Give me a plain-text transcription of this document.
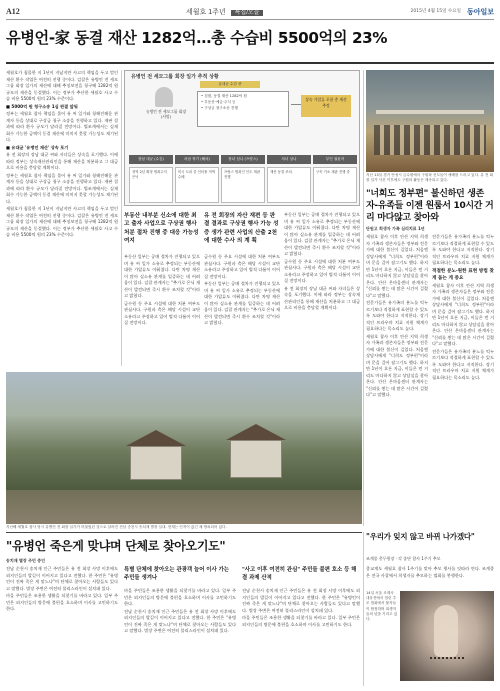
A12	세월호 1주년 특집/오늘	2015년 4월 15일 수요일 동아일보
유병언-家 동결 재산 1282억…총 수습비 5500억의 23%

세월호가 침몰한 지 1년이 지났지만 사고의 책임을 두고 벌인 재산 환수 작업은 여전히 진행 중이다. 검찰은 유병언 전 세모그룹 회장 일가의 재산에 대해 추징보전을 청구해 1282억 원 규모의 재산을 동결했다. 이는 정부가 추산한 세월호 사고 수습 비용 5500억 원의 23% 수준이다.

■ 5000억 원 청구소송 1심 판결 앞둬

정부는 세월호 참사 책임을 물어 유 씨 일가와 청해진해운 관계자 등을 상대로 구상금 청구 소송을 진행하고 있다. 재판 결과에 따라 환수 규모가 달라질 전망이다. 법조계에서는 실제 회수 가능한 금액이 동결 재산에 미치지 못할 가능성도 제기된다.

■ 유대균 '유병언 재산' 상속 포기

유 전 회장의 장남 대균 씨와 자녀들은 상속을 포기했다. 이에 따라 정부는 상속재산관리인을 통해 재산을 처분하고 그 대금으로 비용을 충당할 계획이다.

정부는 세월호 참사 책임을 물어 유 씨 일가와 청해진해운 관계자 등을 상대로 구상금 청구 소송을 진행하고 있다. 재판 결과에 따라 환수 규모가 달라질 전망이다. 법조계에서는 실제 회수 가능한 금액이 동결 재산에 미치지 못할 가능성도 제기된다.

세월호가 침몰한 지 1년이 지났지만 사고의 책임을 두고 벌인 재산 환수 작업은 여전히 진행 중이다. 검찰은 유병언 전 세모그룹 회장 일가의 재산에 대해 추징보전을 청구해 1282억 원 규모의 재산을 동결했다. 이는 정부가 추산한 세월호 사고 수습 비용 5500억 원의 23% 수준이다.

유병언 전 세모그룹 회장 일가 추적 상황
유병언 전 세모그룹 회장 (사망)
유대균 수감 중
• 검찰, 동결 재산 1282억 원
• 부동산·예금·주식 등
• 구상금 청구소송 진행
상속 가압류 포함 총 재산 추정
장남 대균 (수감)	차남 혁기 (해외)	장녀 섬나 (프랑스)	차녀 상나	부인 권윤자
징역 2년 확정 범죄수익 은닉
미국 도피 중 인터폴 적색수배
프랑스 범죄인 인도 재판 진행
재산 동결 조치	구속 기소 재판 진행 중
부동산 내부분 신소에 대한 최고 출자 사업으로 구상권 행사 처분 절차 진행 중 대응 가능성 여지
유 전 회장의 자산 재편 등 판결 결과로 구상권 행사 가능 성 증 생가 관련 사업의 산출 2천 에 대한 수사 의 계 획

부동산 일부는 공매 절차가 진행되고 있으며 유 씨 일가 소유로 추정되는 부동산에 대한 가압류도 이뤄졌다. 다만 차명 재산이 많아 실소유 관계를 입증하는 데 어려움이 있다. 검찰 관계자는 "추가로 은닉 재산이 발견되면 즉시 환수 조치할 것"이라고 밝혔다.

금수원 등 주요 시설에 대한 처분 여부도 관심사다. 구원파 측은 해당 시설이 교단 소유라고 주장하고 있어 법적 다툼이 이어질 전망이다.

금수원 등 주요 시설에 대한 처분 여부도 관심사다. 구원파 측은 해당 시설이 교단 소유라고 주장하고 있어 법적 다툼이 이어질 전망이다.

부동산 일부는 공매 절차가 진행되고 있으며 유 씨 일가 소유로 추정되는 부동산에 대한 가압류도 이뤄졌다. 다만 차명 재산이 많아 실소유 관계를 입증하는 데 어려움이 있다. 검찰 관계자는 "추가로 은닉 재산이 발견되면 즉시 환수 조치할 것"이라고 밝혔다.

부동산 일부는 공매 절차가 진행되고 있으며 유 씨 일가 소유로 추정되는 부동산에 대한 가압류도 이뤄졌다. 다만 차명 재산이 많아 실소유 관계를 입증하는 데 어려움이 있다. 검찰 관계자는 "추가로 은닉 재산이 발견되면 즉시 환수 조치할 것"이라고 밝혔다.

금수원 등 주요 시설에 대한 처분 여부도 관심사다. 구원파 측은 해당 시설이 교단 소유라고 주장하고 있어 법적 다툼이 이어질 전망이다.

유 전 회장의 장남 대균 씨와 자녀들은 상속을 포기했다. 이에 따라 정부는 상속재산관리인을 통해 재산을 처분하고 그 대금으로 비용을 충당할 계획이다.

지난 13일 경기 안성시 금수원에서 구원파 신도들이 예배를 드리고 있다. 유 전 회장 일가 사건 이후에도 구원파 활동은 계속되고 있다.
"너희도 정부편" 불신하던 생존자-유족들 이젠 원룸서 10시간 거리 마다않고 찾아와
단원고 희생자 가족 심리치료 1년

세월호 참사 이후 안산 지역 희생자 가족과 생존자들은 정부와 전문가에 대한 불신이 깊었다. 처음엔 상담사에게 "너희도 정부편"이라며 문을 걸어 잠그기도 했다. 하지만 1년이 흐른 지금, 이들은 먼 거리도 마다하지 않고 상담실을 찾아온다. 안산 온마음센터 관계자는 "신뢰를 쌓는 데 많은 시간이 걸렸다"고 말했다.

전문가들은 유가족의 분노를 억누르기보다 적절하게 표현할 수 있도록 도와야 한다고 지적한다. 장기적인 트라우마 치료 지원 체계가 필요하다는 목소리도 높다.

세월호 참사 이후 안산 지역 희생자 가족과 생존자들은 정부와 전문가에 대한 불신이 깊었다. 처음엔 상담사에게 "너희도 정부편"이라며 문을 걸어 잠그기도 했다. 하지만 1년이 흐른 지금, 이들은 먼 거리도 마다하지 않고 상담실을 찾아온다. 안산 온마음센터 관계자는 "신뢰를 쌓는 데 많은 시간이 걸렸다"고 말했다.

전문가들은 유가족의 분노를 억누르기보다 적절하게 표현할 수 있도록 도와야 한다고 지적한다. 장기적인 트라우마 치료 지원 체계가 필요하다는 목소리도 높다.

적절한 분노·원한 표현 방법 찾게 돕는 게 중요

세월호 참사 이후 안산 지역 희생자 가족과 생존자들은 정부와 전문가에 대한 불신이 깊었다. 처음엔 상담사에게 "너희도 정부편"이라며 문을 걸어 잠그기도 했다. 하지만 1년이 흐른 지금, 이들은 먼 거리도 마다하지 않고 상담실을 찾아온다. 안산 온마음센터 관계자는 "신뢰를 쌓는 데 많은 시간이 걸렸다"고 말했다.

전문가들은 유가족의 분노를 억누르기보다 적절하게 표현할 수 있도록 도와야 한다고 지적한다. 장기적인 트라우마 치료 지원 체계가 필요하다는 목소리도 높다.

지난해 세월호 참사 당시 유병언 전 회장 일가가 머물렀던 것으로 알려진 전남 순천시 송치재 별장 일대. 현재는 인적이 끊긴 채 방치되어 있다.
"유병언 죽은게 맞냐며 단체로 찾아오기도"
송치재 별장 주민 증언

전남 순천시 송치재 인근 주민들은 유 전 회장 사망 이후에도 외지인들의 발길이 이어지고 있다고 전했다. 한 주민은 "유병언이 진짜 죽은 게 맞느냐"며 단체로 찾아오는 사람들도 있다고 말했다. 별장 주변은 여전히 폴리스라인이 설치돼 있다.

마을 주민들은 조용한 생활을 되찾기를 바라고 있다. 일부 주민은 외지인들의 방문에 불편을 호소하며 이사를 고민하기도 한다.

특별 단체에 찾아오는 관광객 늘어 이사 가는 주민들 생겨나

마을 주민들은 조용한 생활을 되찾기를 바라고 있다. 일부 주민은 외지인들의 방문에 불편을 호소하며 이사를 고민하기도 한다.

전남 순천시 송치재 인근 주민들은 유 전 회장 사망 이후에도 외지인들의 발길이 이어지고 있다고 전했다. 한 주민은 "유병언이 진짜 죽은 게 맞느냐"며 단체로 찾아오는 사람들도 있다고 말했다. 별장 주변은 여전히 폴리스라인이 설치돼 있다.

"사고 이후 여전히 관심" 주민들 불편 호소 등 해결 과제 산적

전남 순천시 송치재 인근 주민들은 유 전 회장 사망 이후에도 외지인들의 발길이 이어지고 있다고 전했다. 한 주민은 "유병언이 진짜 죽은 게 맞느냐"며 단체로 찾아오는 사람들도 있다고 말했다. 별장 주변은 여전히 폴리스라인이 설치돼 있다.

마을 주민들은 조용한 생활을 되찾기를 바라고 있다. 일부 주민은 외지인들의 방문에 불편을 호소하며 이사를 고민하기도 한다.

"우리가 잊지 않고 바뀌 나가겠다"
조계종 총무원장 · 각 종단 참사 1주기 추모

종교계도 세월호 참사 1주기를 맞아 추모 행사를 잇따라 연다. 조계종은 전국 사찰에서 희생자를 추모하는 법회를 봉행한다.

14일 서울 조계사 대웅전에서 열린 추모 법회에서 불자들이 합장하며 희생자들의 넋을 기리고 있다.
